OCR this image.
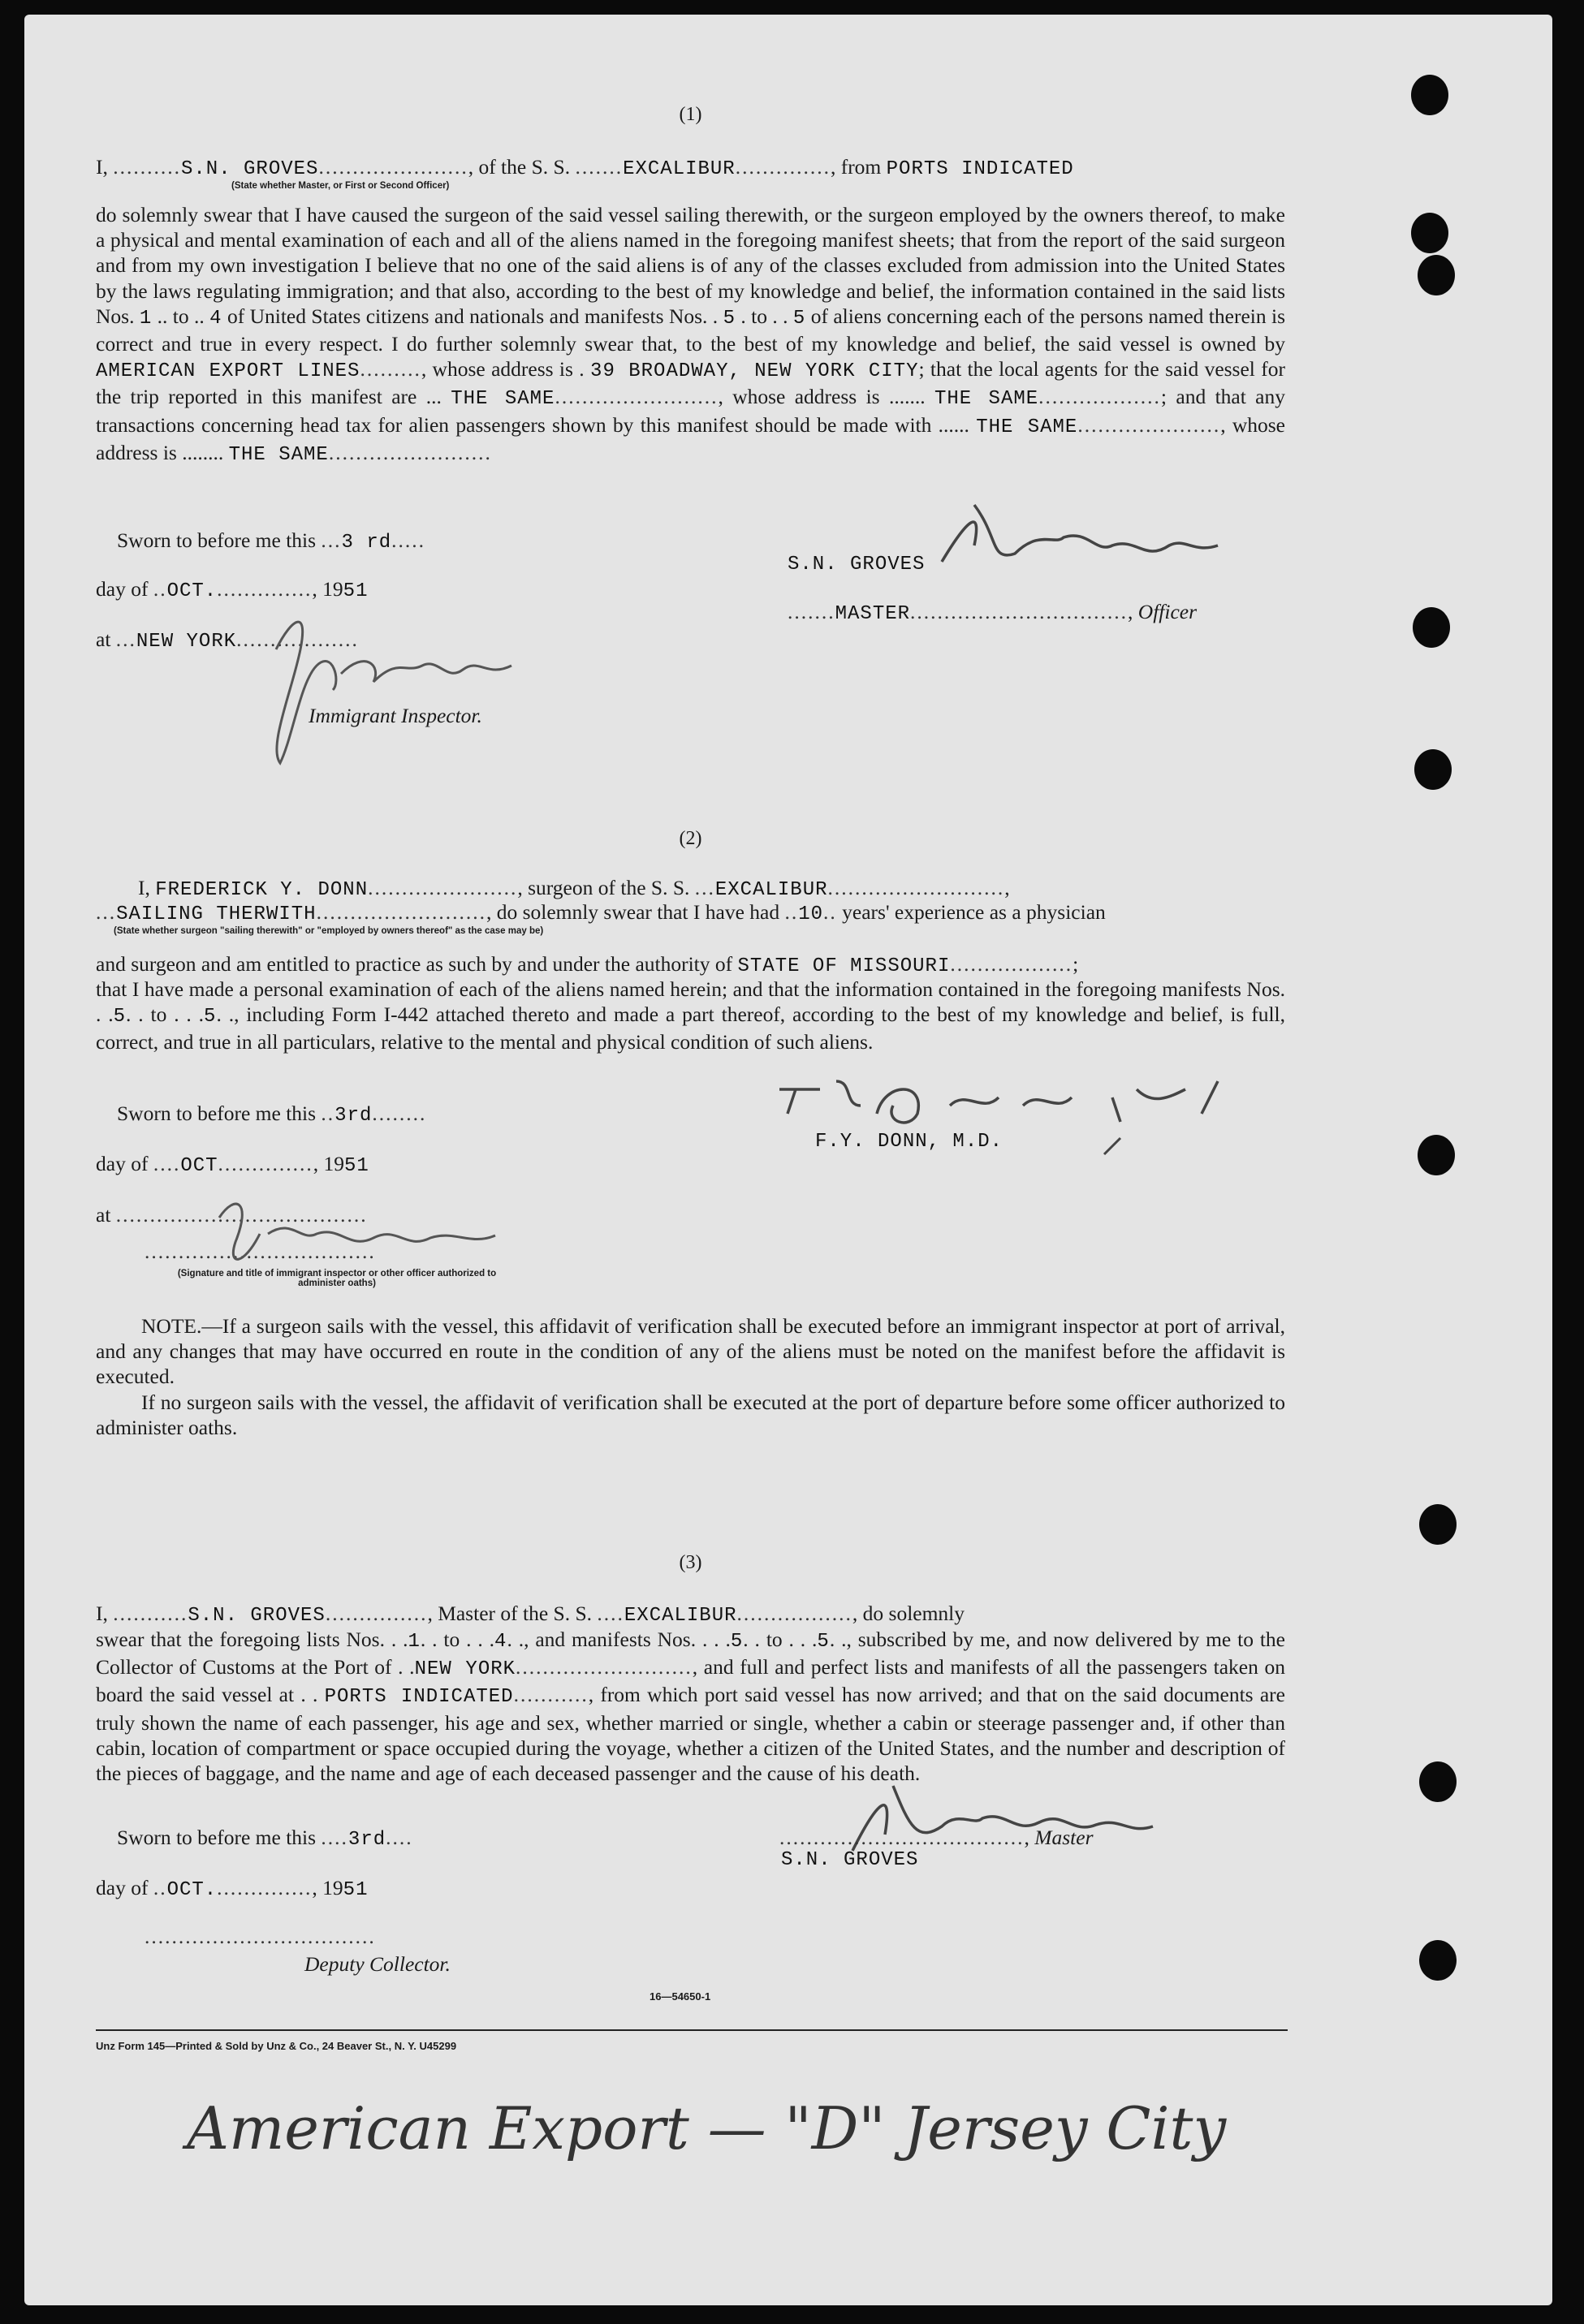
(1)
I, ..........S.N. GROVES......................, of the S. S. .......EXCALIBUR.............., from PORTS INDICATED
(State whether Master, or First or Second Officer)
do solemnly swear that I have caused the surgeon of the said vessel sailing therewith, or the surgeon employed by the owners thereof, to make a physical and mental examination of each and all of the aliens named in the foregoing manifest sheets; that from the report of the said surgeon and from my own investigation I believe that no one of the said aliens is of any of the classes excluded from admission into the United States by the laws regulating immigration; and that also, according to the best of my knowledge and belief, the information contained in the said lists Nos. 1 .. to .. 4 of United States citizens and nationals and manifests Nos. . 5 . to . . 5 of aliens concerning each of the persons named therein is correct and true in every respect. I do further solemnly swear that, to the best of my knowledge and belief, the said vessel is owned by AMERICAN EXPORT LINES........., whose address is . 39 BROADWAY, NEW YORK CITY; that the local agents for the said vessel for the trip reported in this manifest are ... THE SAME........................, whose address is ....... THE SAME..................; and that any transactions concerning head tax for alien passengers shown by this manifest should be made with ...... THE SAME....................., whose address is ........ THE SAME........................
Sworn to before me this ...3 rd.....
day of ..OCT..............., 1951
at ...NEW YORK..................
Immigrant Inspector.
S.N. GROVES
.......MASTER................................, Officer
(2)
I, FREDERICK Y. DONN......................, surgeon of the S. S. ...EXCALIBUR..........................,
...SAILING THERWITH........................., do solemnly swear that I have had ..10.. years' experience as a physician
(State whether surgeon "sailing therewith" or "employed by owners thereof" as the case may be)
and surgeon and am entitled to practice as such by and under the authority of STATE OF MISSOURI..................;
that I have made a personal examination of each of the aliens named herein; and that the information contained in the foregoing manifests Nos. . .5. . to . . .5. ., including Form I-442 attached thereto and made a part thereof, according to the best of my knowledge and belief, is full, correct, and true in all particulars, relative to the mental and physical condition of such aliens.
Sworn to before me this ..3rd........
day of ....OCT.............., 1951
at .....................................
..................................
(Signature and title of immigrant inspector or other officer authorized to administer oaths)
F.Y. DONN, M.D.
NOTE.—If a surgeon sails with the vessel, this affidavit of verification shall be executed before an immigrant inspector at port of arrival, and any changes that may have occurred en route in the condition of any of the aliens must be noted on the manifest before the affidavit is executed.
If no surgeon sails with the vessel, the affidavit of verification shall be executed at the port of departure before some officer authorized to administer oaths.
(3)
I, ...........S.N. GROVES..............., Master of the S. S. ....EXCALIBUR................., do solemnly
swear that the foregoing lists Nos. . .1. . to . . .4. ., and manifests Nos. . . .5. . to . . .5. ., subscribed by me, and now delivered by me to the Collector of Customs at the Port of . .NEW YORK.........................., and full and perfect lists and manifests of all the passengers taken on board the said vessel at . . PORTS INDICATED..........., from which port said vessel has now arrived; and that on the said documents are truly shown the name of each passenger, his age and sex, whether married or single, whether a cabin or steerage passenger and, if other than cabin, location of compartment or space occupied during the voyage, whether a citizen of the United States, and the number and description of the pieces of baggage, and the name and age of each deceased passenger and the cause of his death.
Sworn to before me this ....3rd....
day of ..OCT..............., 1951
..................................
Deputy Collector.
...................................., Master
S.N. GROVES
16—54650-1
Unz Form 145—Printed & Sold by Unz & Co., 24 Beaver St., N. Y. U45299
American Export — "D" Jersey City
